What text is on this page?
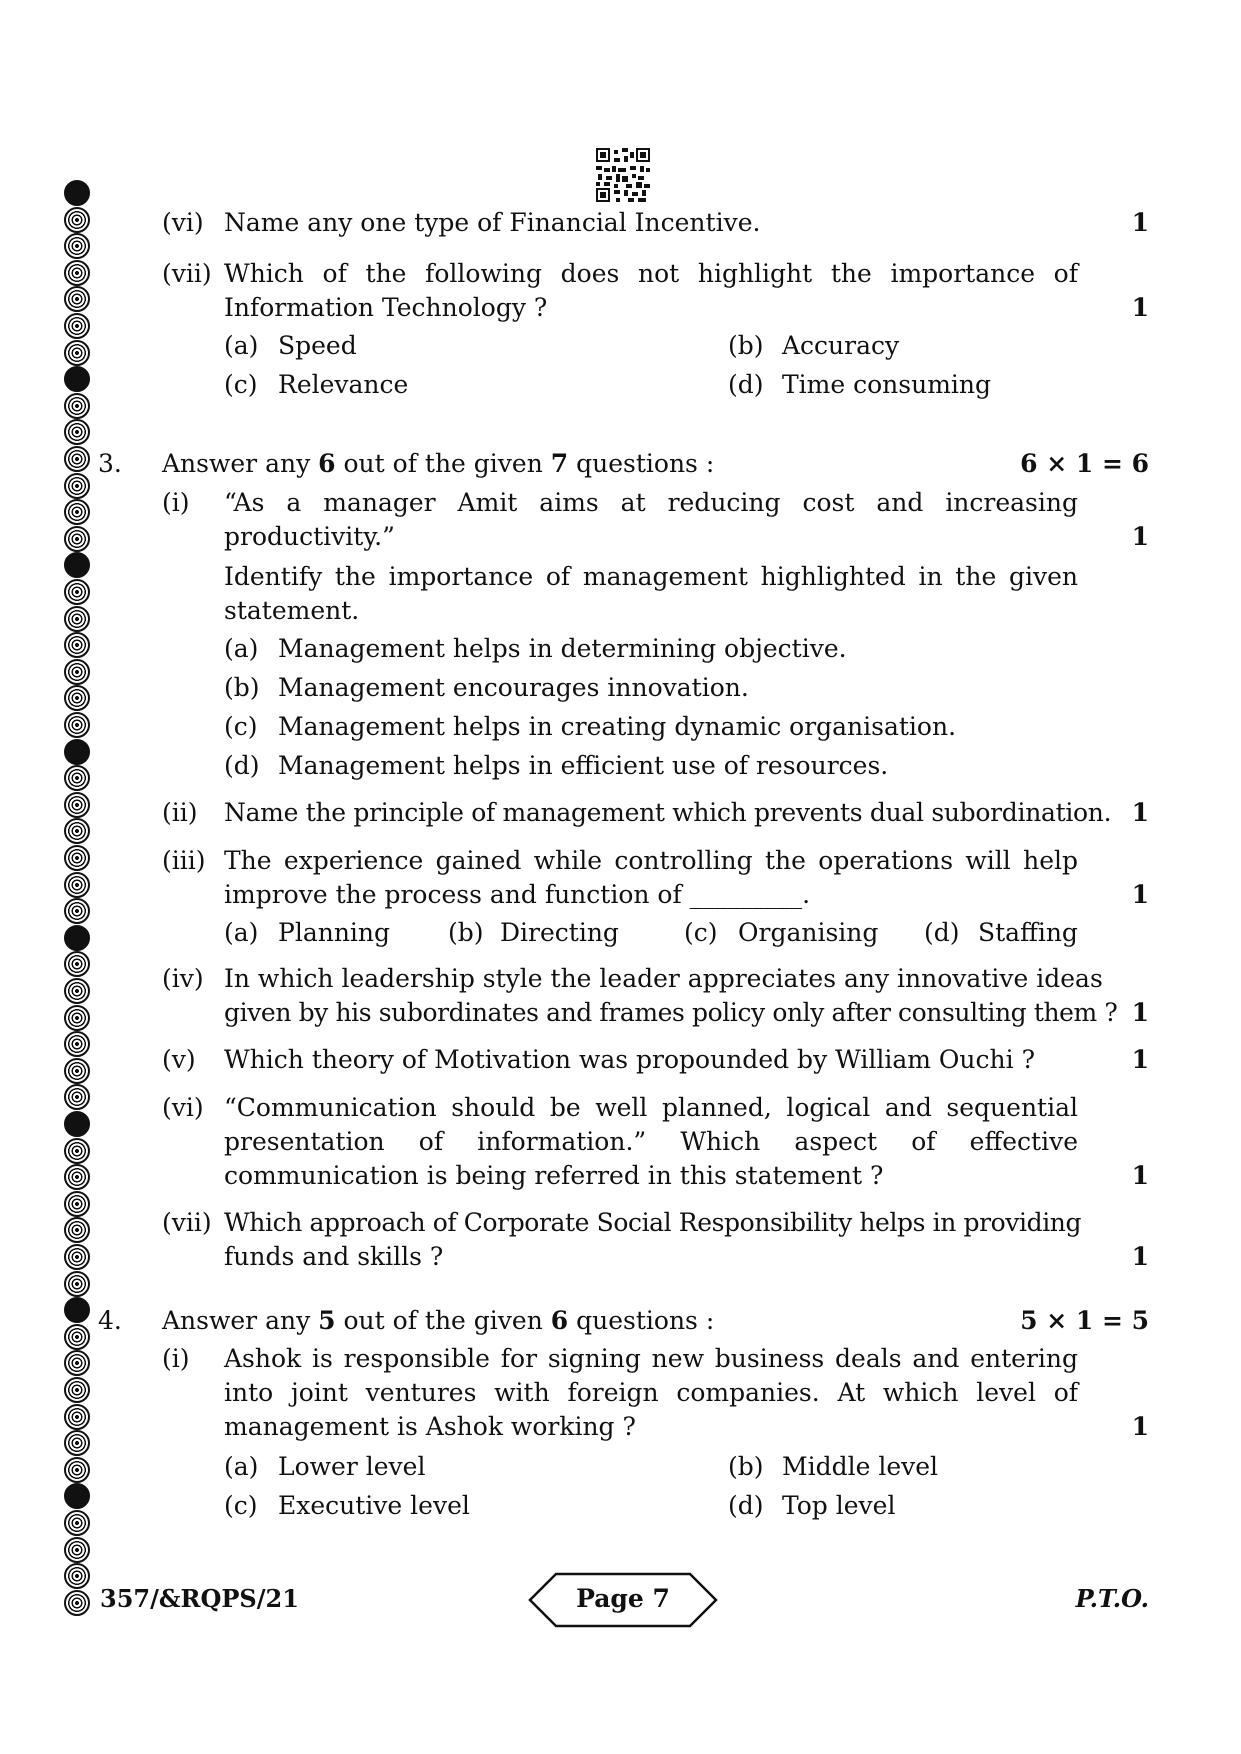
(vi) Name any one type of Financial Incentive.	1
(vii) Which of the following does not highlight the importance of
Information Technology ?	1
(a) Speed	(b) Accuracy
(c) Relevance	(d) Time consuming
3. Answer any 6 out of the given 7 questions :	6 × 1 = 6
(i) “As a manager Amit aims at reducing cost and increasing
productivity.”	1
Identify the importance of management highlighted in the given
statement.
(a) Management helps in determining objective.
(b) Management encourages innovation.
(c) Management helps in creating dynamic organisation.
(d) Management helps in efficient use of resources.
(ii) Name the principle of management which prevents dual subordination. 1
(iii) The experience gained while controlling the operations will help
improve the process and function of _________.	1
(a) Planning (b) Directing	(c) Organising (d) Staffing
(iv) In which leadership style the leader appreciates any innovative ideas
given by his subordinates and frames policy only after consulting them ? 1
(v) Which theory of Motivation was propounded by William Ouchi ?	1
(vi) “Communication should be well planned, logical and sequential
presentation of information.” Which aspect of effective
communication is being referred in this statement ?	1
(vii) Which approach of Corporate Social Responsibility helps in providing
funds and skills ?	1
4. Answer any 5 out of the given 6 questions :	5 × 1 = 5
(i) Ashok is responsible for signing new business deals and entering
into joint ventures with foreign companies. At which level of
management is Ashok working ?	1
(a) Lower level	(b) Middle level
(c) Executive level	(d) Top level
357/&RQPS/21	Page 7	P.T.O.
